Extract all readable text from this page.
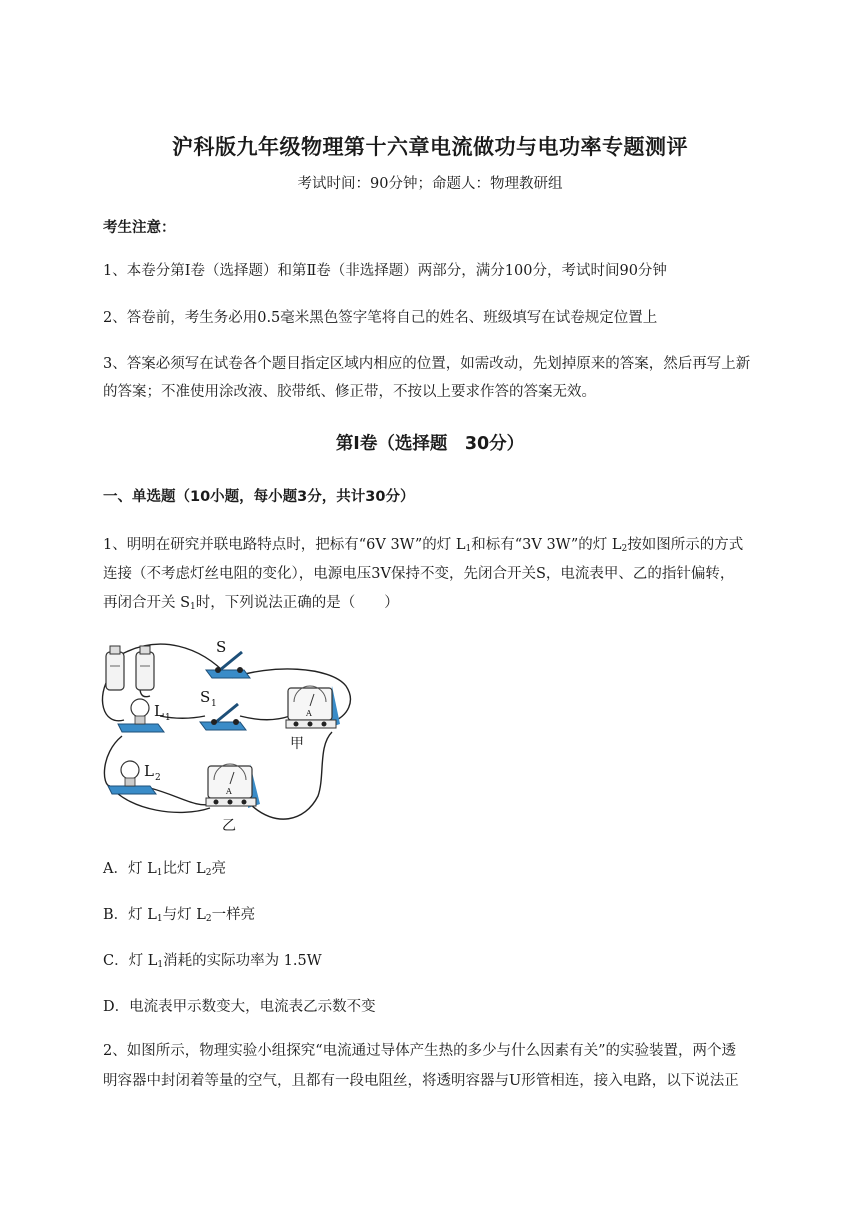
沪科版九年级物理第十六章电流做功与电功率专题测评
考试时间：90分钟；命题人：物理教研组
考生注意：
1、本卷分第Ⅰ卷（选择题）和第Ⅱ卷（非选择题）两部分，满分100分，考试时间90分钟
2、答卷前，考生务必用0.5毫米黑色签字笔将自己的姓名、班级填写在试卷规定位置上
3、答案必须写在试卷各个题目指定区域内相应的位置，如需改动，先划掉原来的答案，然后再写上新
的答案；不准使用涂改液、胶带纸、修正带，不按以上要求作答的答案无效。
第Ⅰ卷（选择题　30分）
一、单选题（10小题，每小题3分，共计30分）
1、明明在研究并联电路特点时，把标有“6V 3W”的灯 $L_1$和标有“3V 3W”的灯 $L_2$按如图所示的方式
连接（不考虑灯丝电阻的变化），电源电压3V保持不变，先闭合开关S，电流表甲、乙的指针偏转，
再闭合开关 $S_1$时，下列说法正确的是（　　）
S
S 1
L 1
L 2
A
甲
A
乙
A．灯 $L_1$比灯 $L_2$亮
B．灯 $L_1$与灯 $L_2$一样亮
C．灯 $L_1$消耗的实际功率为 1.5W
D．电流表甲示数变大，电流表乙示数不变
2、如图所示，物理实验小组探究“电流通过导体产生热的多少与什么因素有关”的实验装置，两个透
明容器中封闭着等量的空气，且都有一段电阻丝，将透明容器与U形管相连，接入电路，以下说法正
